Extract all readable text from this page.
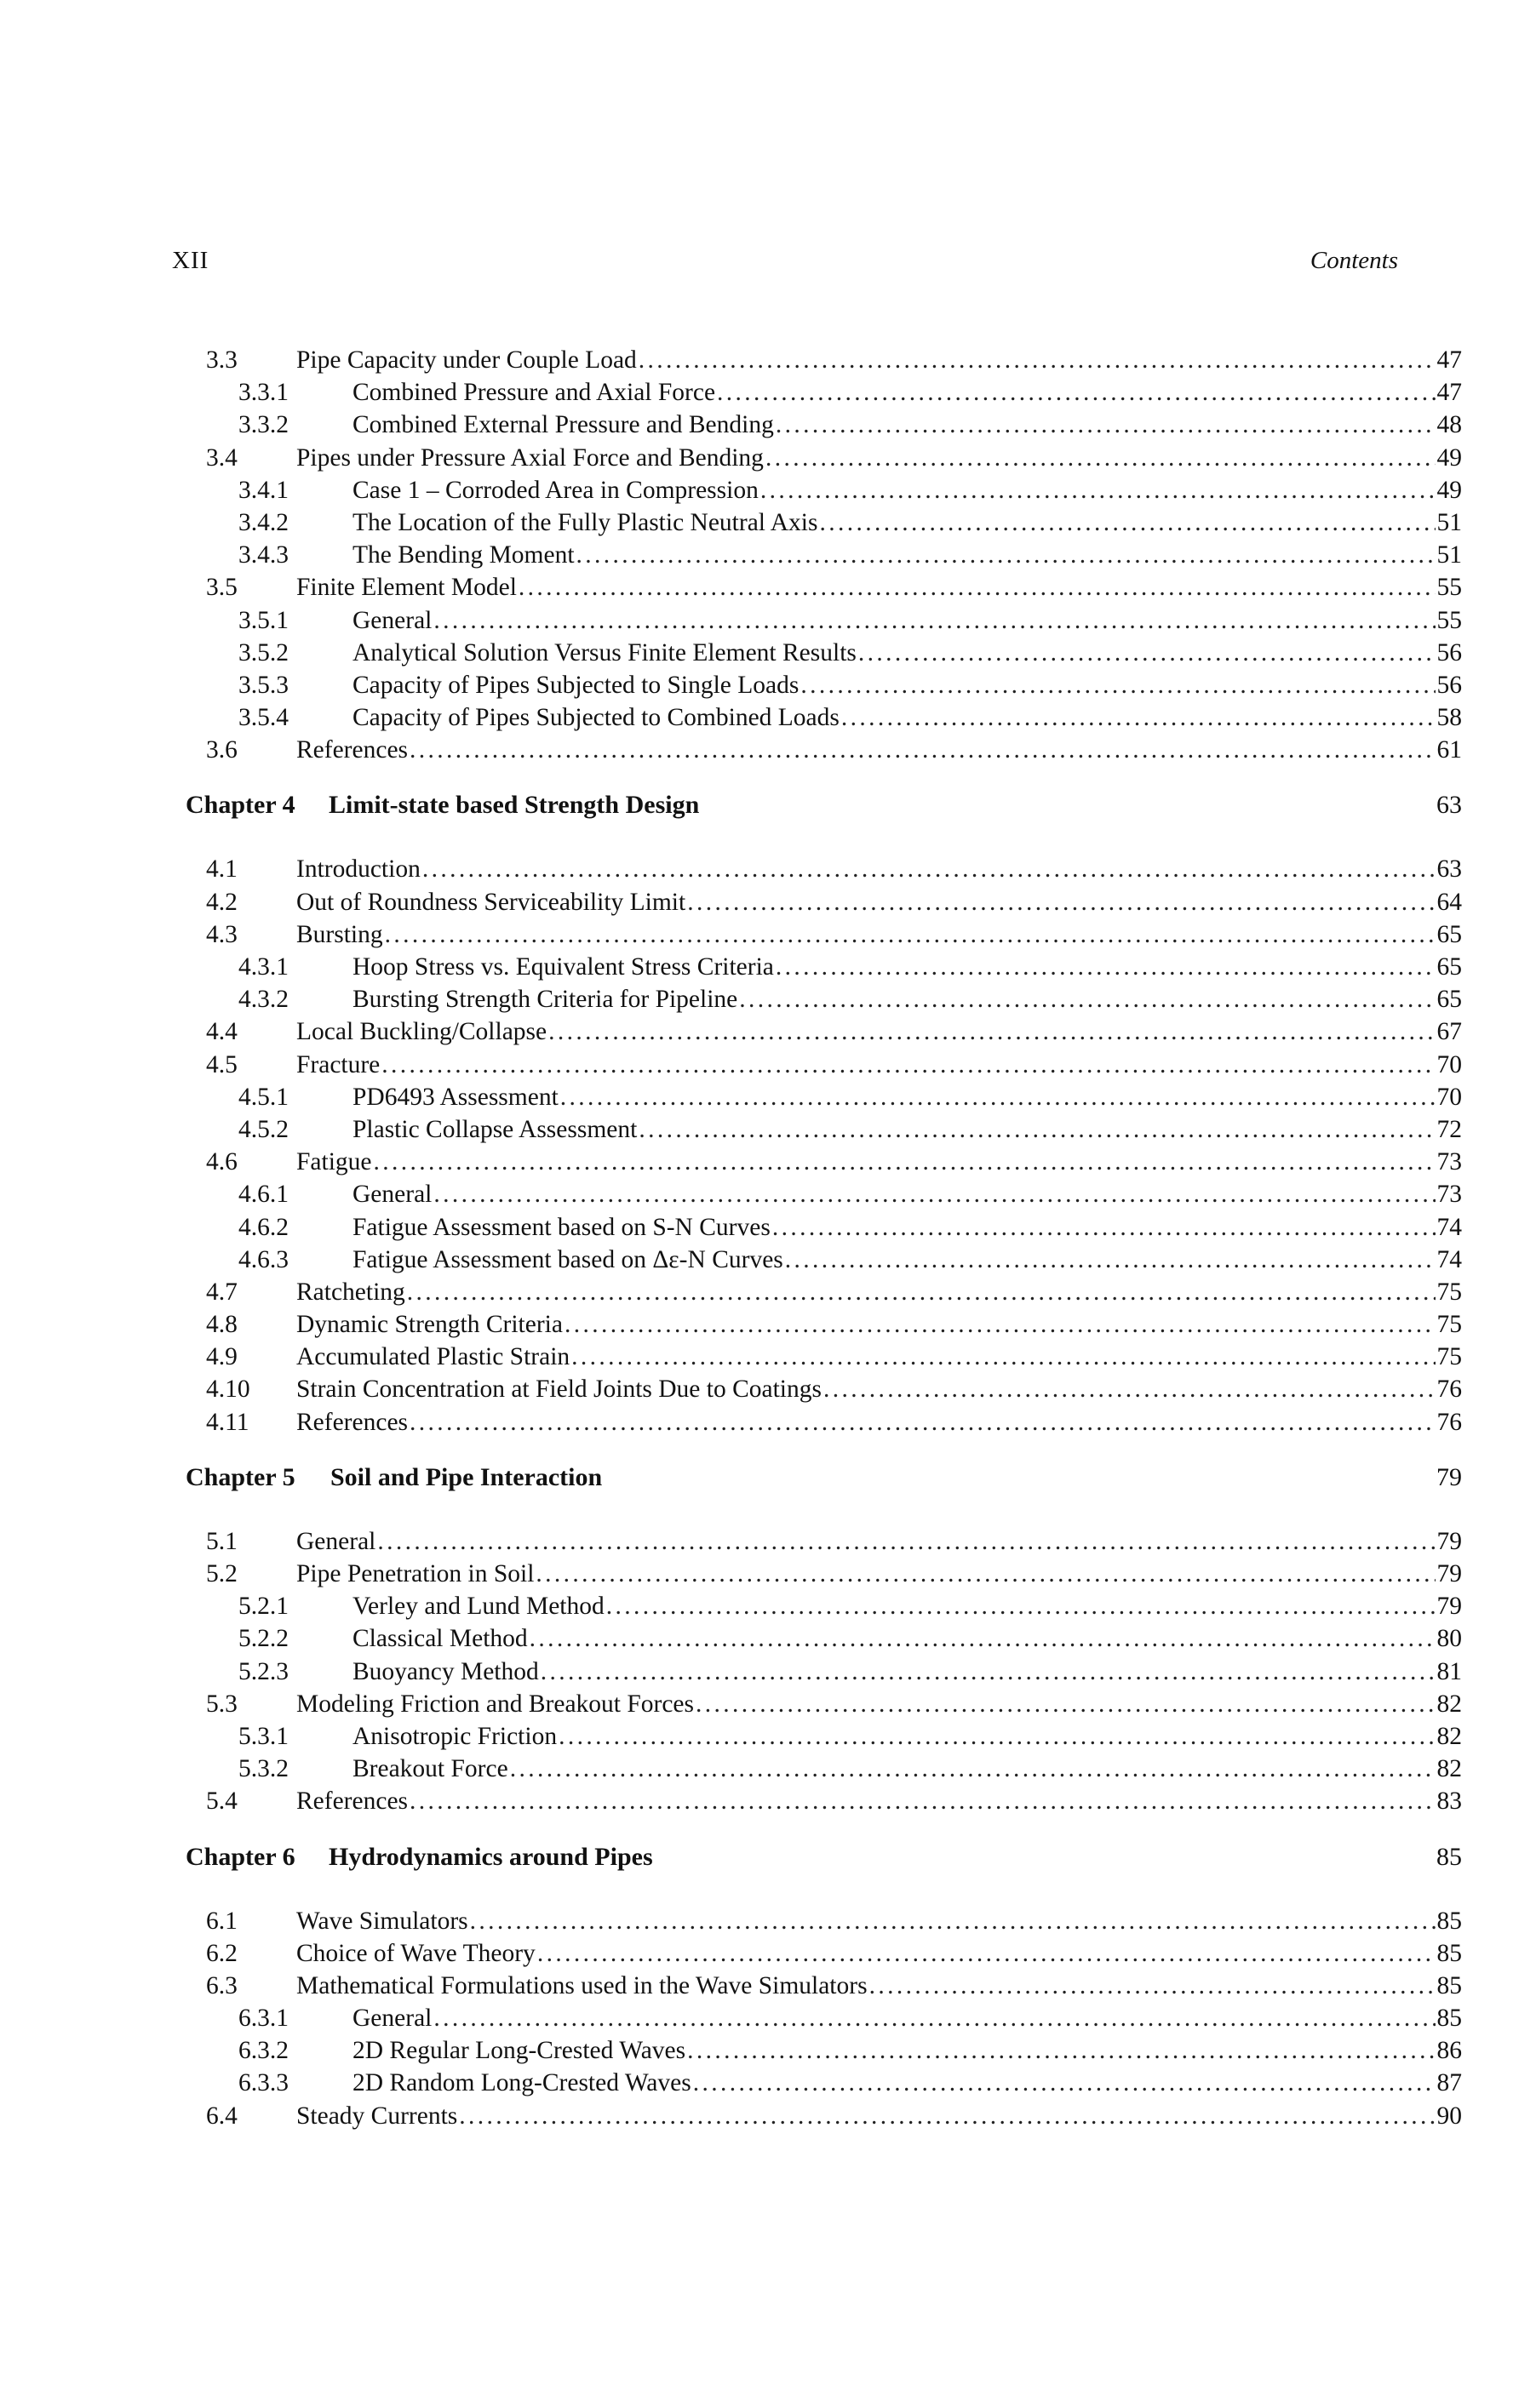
XII	Contents
3.3 Pipe Capacity under Couple Load . . .	47
3.3.1	Combined Pressure and Axial Force . . .	47
3.3.2	Combined External Pressure and Bending . . .	48
3.4 Pipes under Pressure Axial Force and Bending . . .	49
3.4.1	Case 1 – Corroded Area in Compression . . .	49
3.4.2	The Location of the Fully Plastic Neutral Axis . . .	51
3.4.3	The Bending Moment . . .	51
3.5 Finite Element Model . . .	55
3.5.1	General . . .	55
3.5.2	Analytical Solution Versus Finite Element Results . . .	56
3.5.3	Capacity of Pipes Subjected to Single Loads . . .	56
3.5.4	Capacity of Pipes Subjected to Combined Loads . . .	58
3.6 References . . .	61
Chapter 4 Limit-state based Strength Design	63
4.1 Introduction . . .	63
4.2 Out of Roundness Serviceability Limit . . .	64
4.3 Bursting . . .	65
4.3.1	Hoop Stress vs. Equivalent Stress Criteria . . .	65
4.3.2	Bursting Strength Criteria for Pipeline . . .	65
4.4 Local Buckling/Collapse . . .	67
4.5 Fracture . . .	70
4.5.1	PD6493 Assessment . . .	70
4.5.2	Plastic Collapse Assessment . . .	72
4.6 Fatigue . . .	73
4.6.1	General . . .	73
4.6.2	Fatigue Assessment based on S-N Curves . . .	74
4.6.3	Fatigue Assessment based on Δε-N Curves . . .	74
4.7 Ratcheting . . .	75
4.8 Dynamic Strength Criteria . . .	75
4.9 Accumulated Plastic Strain . . .	75
4.10 Strain Concentration at Field Joints Due to Coatings . . .	76
4.11 References . . .	76
Chapter 5 Soil and Pipe Interaction	79
5.1 General . . .	79
5.2 Pipe Penetration in Soil . . .	79
5.2.1	Verley and Lund Method . . .	79
5.2.2	Classical Method . . .	80
5.2.3	Buoyancy Method . . .	81
5.3 Modeling Friction and Breakout Forces . . .	82
5.3.1	Anisotropic Friction . . .	82
5.3.2	Breakout Force . . .	82
5.4 References . . .	83
Chapter 6 Hydrodynamics around Pipes	85
6.1 Wave Simulators . . .	85
6.2 Choice of Wave Theory . . .	85
6.3 Mathematical Formulations used in the Wave Simulators . . .	85
6.3.1	General . . .	85
6.3.2	2D Regular Long-Crested Waves . . .	86
6.3.3	2D Random Long-Crested Waves . . .	87
6.4 Steady Currents . . .	90
